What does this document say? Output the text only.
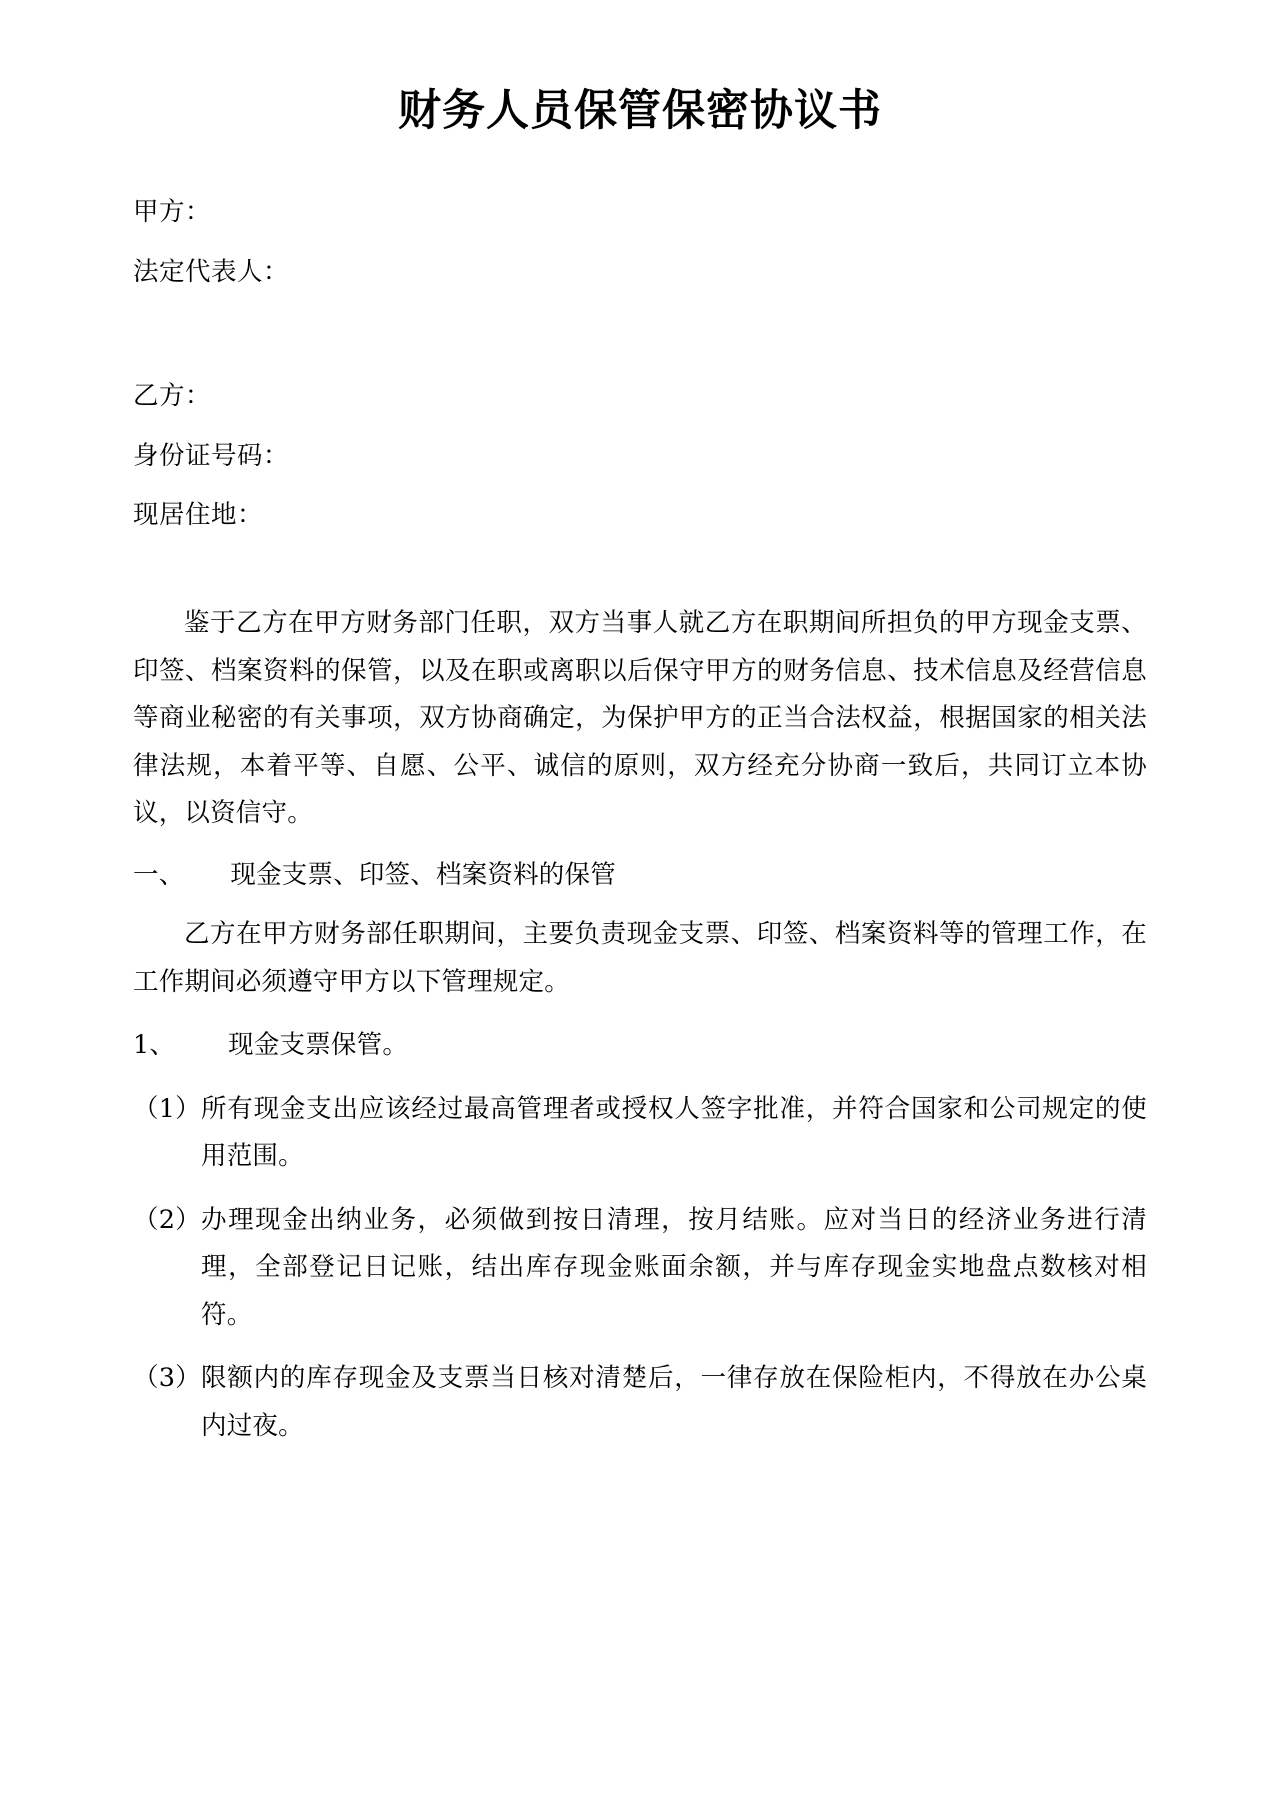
财务人员保管保密协议书

甲方：

法定代表人：

乙方：

身份证号码：

现居住地：

鉴于乙方在甲方财务部门任职，双方当事人就乙方在职期间所担负的甲方现金支票、印签、档案资料的保管，以及在职或离职以后保守甲方的财务信息、技术信息及经营信息等商业秘密的有关事项，双方协商确定，为保护甲方的正当合法权益，根据国家的相关法律法规，本着平等、自愿、公平、诚信的原则，双方经充分协商一致后，共同订立本协议，以资信守。

一、 现金支票、印签、档案资料的保管

乙方在甲方财务部任职期间，主要负责现金支票、印签、档案资料等的管理工作，在工作期间必须遵守甲方以下管理规定。

1、 现金支票保管。

（1） 所有现金支出应该经过最高管理者或授权人签字批准，并符合国家和公司规定的使用范围。
（2） 办理现金出纳业务，必须做到按日清理，按月结账。应对当日的经济业务进行清理，全部登记日记账，结出库存现金账面余额，并与库存现金实地盘点数核对相符。
（3） 限额内的库存现金及支票当日核对清楚后，一律存放在保险柜内，不得放在办公桌内过夜。
